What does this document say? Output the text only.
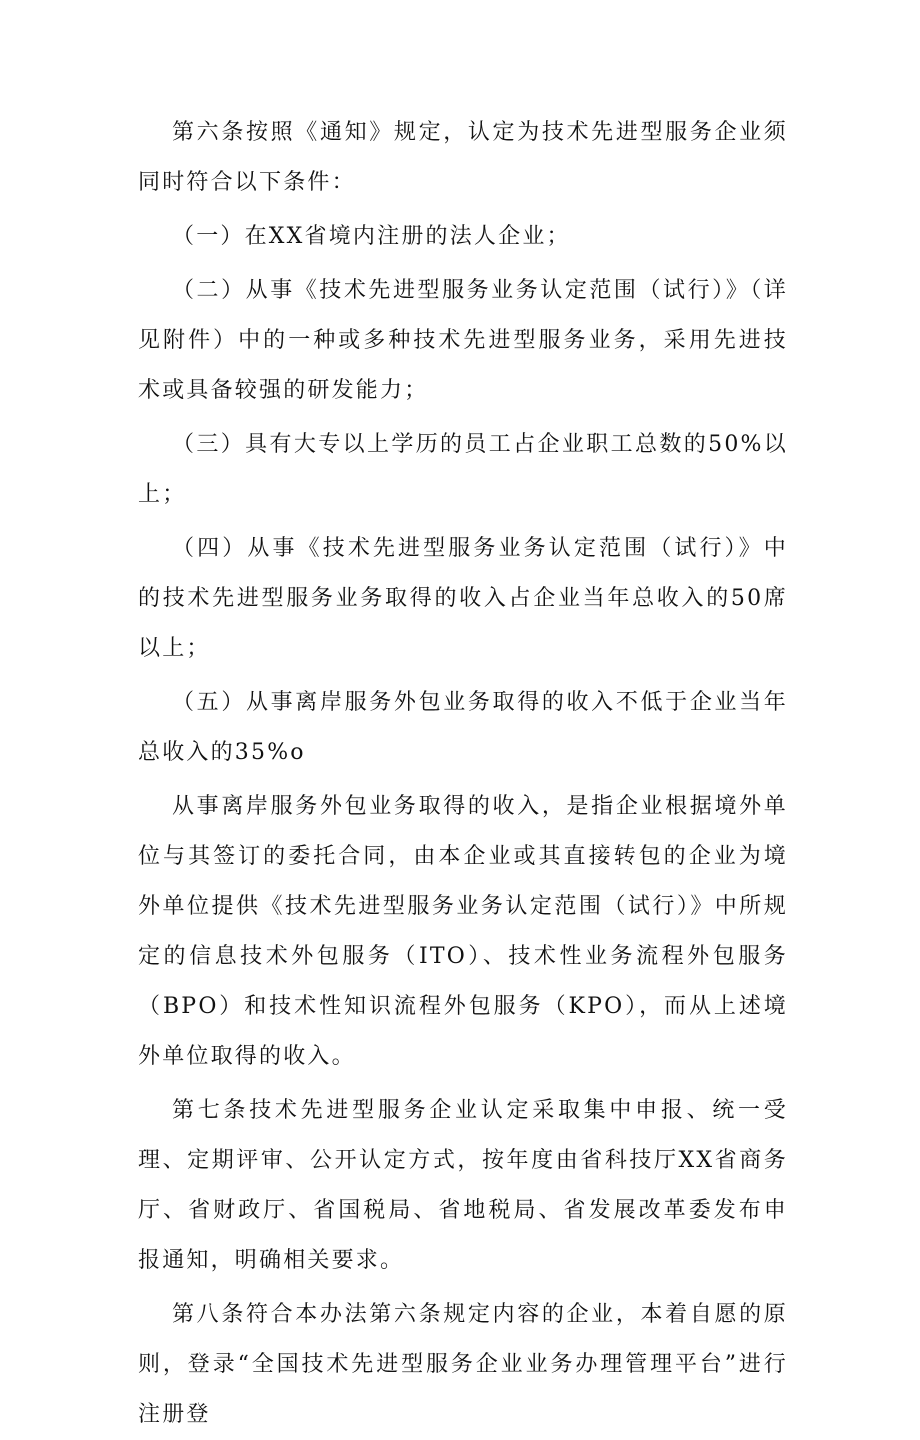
第六条按照《通知》规定，认定为技术先进型服务企业须同时符合以下条件：

（一）在XX省境内注册的法人企业；

（二）从事《技术先进型服务业务认定范围（试行）》（详见附件）中的一种或多种技术先进型服务业务，采用先进技术或具备较强的研发能力；

（三）具有大专以上学历的员工占企业职工总数的50%以上；

（四）从事《技术先进型服务业务认定范围（试行）》中的技术先进型服务业务取得的收入占企业当年总收入的50席以上；

（五）从事离岸服务外包业务取得的收入不低于企业当年总收入的35%o

从事离岸服务外包业务取得的收入，是指企业根据境外单位与其签订的委托合同，由本企业或其直接转包的企业为境外单位提供《技术先进型服务业务认定范围（试行）》中所规定的信息技术外包服务（ITO）、技术性业务流程外包服务（BPO）和技术性知识流程外包服务（KPO），而从上述境外单位取得的收入。

第七条技术先进型服务企业认定采取集中申报、统一受理、定期评审、公开认定方式，按年度由省科技厅XX省商务厅、省财政厅、省国税局、省地税局、省发展改革委发布申报通知，明确相关要求。

第八条符合本办法第六条规定内容的企业，本着自愿的原则，登录“全国技术先进型服务企业业务办理管理平台”进行注册登
